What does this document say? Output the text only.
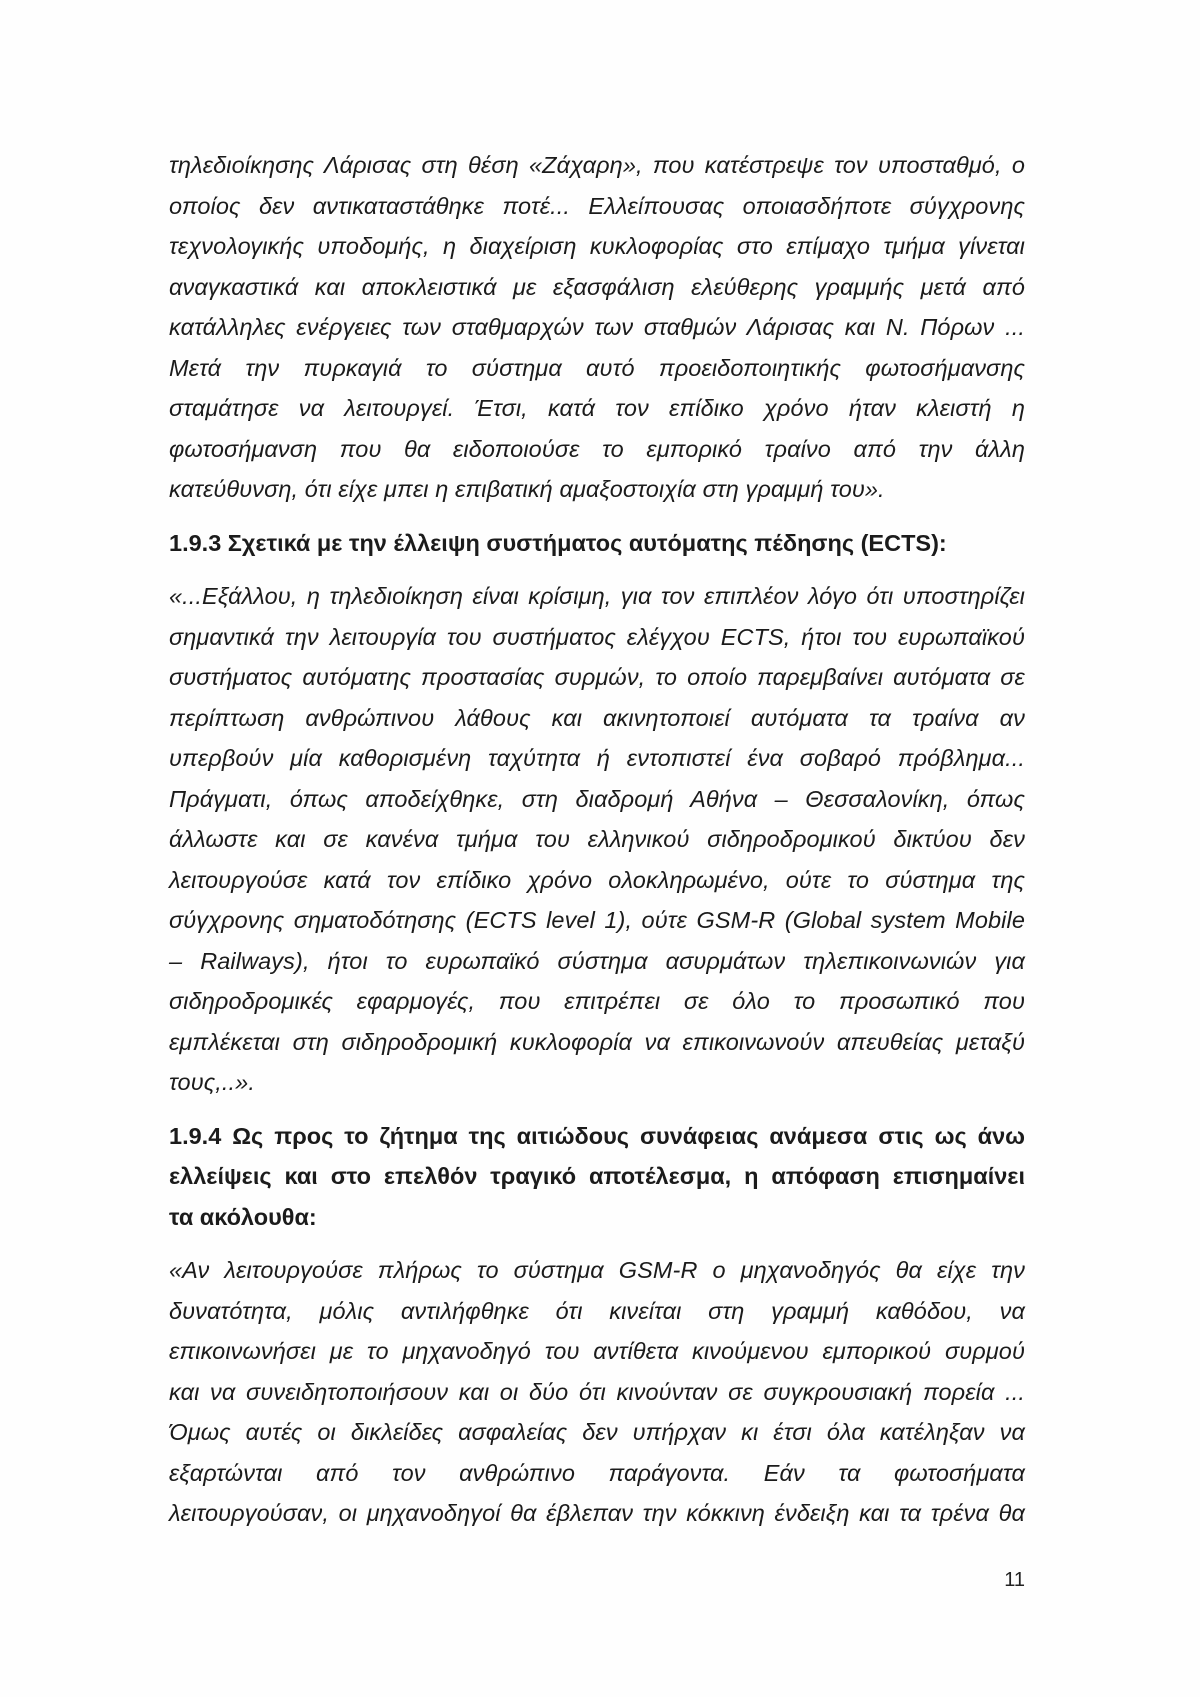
τηλεδιοίκησης Λάρισας στη θέση «Ζάχαρη», που κατέστρεψε τον υποσταθμό, ο
οποίος δεν αντικαταστάθηκε ποτέ... Ελλείπουσας οποιασδήποτε σύγχρονης
τεχνολογικής υποδομής, η διαχείριση κυκλοφορίας στο επίμαχο τμήμα γίνεται
αναγκαστικά και αποκλειστικά με εξασφάλιση ελεύθερης γραμμής μετά από
κατάλληλες ενέργειες των σταθμαρχών των σταθμών Λάρισας και Ν. Πόρων ...
Μετά την πυρκαγιά το σύστημα αυτό προειδοποιητικής φωτοσήμανσης
σταμάτησε να λειτουργεί. Έτσι, κατά τον επίδικο χρόνο ήταν κλειστή η
φωτοσήμανση που θα ειδοποιούσε το εμπορικό τραίνο από την άλλη
κατεύθυνση, ότι είχε μπει η επιβατική αμαξοστοιχία στη γραμμή του».
1.9.3 Σχετικά με την έλλειψη συστήματος αυτόματης πέδησης (ECTS):
«...Εξάλλου, η τηλεδιοίκηση είναι κρίσιμη, για τον επιπλέον λόγο ότι υποστηρίζει
σημαντικά την λειτουργία του συστήματος ελέγχου ECTS, ήτοι του ευρωπαϊκού
συστήματος αυτόματης προστασίας συρμών, το οποίο παρεμβαίνει αυτόματα σε
περίπτωση ανθρώπινου λάθους και ακινητοποιεί αυτόματα τα τραίνα αν
υπερβούν μία καθορισμένη ταχύτητα ή εντοπιστεί ένα σοβαρό πρόβλημα...
Πράγματι, όπως αποδείχθηκε, στη διαδρομή Αθήνα – Θεσσαλονίκη, όπως
άλλωστε και σε κανένα τμήμα του ελληνικού σιδηροδρομικού δικτύου δεν
λειτουργούσε κατά τον επίδικο χρόνο ολοκληρωμένο, ούτε το σύστημα της
σύγχρονης σηματοδότησης (ECTS level 1), ούτε GSM-R (Global system Mobile
– Railways), ήτοι το ευρωπαϊκό σύστημα ασυρμάτων τηλεπικοινωνιών για
σιδηροδρομικές εφαρμογές, που επιτρέπει σε όλο το προσωπικό που
εμπλέκεται στη σιδηροδρομική κυκλοφορία να επικοινωνούν απευθείας μεταξύ
τους,..».
1.9.4 Ως προς το ζήτημα της αιτιώδους συνάφειας ανάμεσα στις ως άνω
ελλείψεις και στο επελθόν τραγικό αποτέλεσμα, η απόφαση επισημαίνει
τα ακόλουθα:
«Αν λειτουργούσε πλήρως το σύστημα GSM-R ο μηχανοδηγός θα είχε την
δυνατότητα, μόλις αντιλήφθηκε ότι κινείται στη γραμμή καθόδου, να
επικοινωνήσει με το μηχανοδηγό του αντίθετα κινούμενου εμπορικού συρμού
και να συνειδητοποιήσουν και οι δύο ότι κινούνταν σε συγκρουσιακή πορεία ...
Όμως αυτές οι δικλείδες ασφαλείας δεν υπήρχαν κι έτσι όλα κατέληξαν να
εξαρτώνται από τον ανθρώπινο παράγοντα. Εάν τα φωτοσήματα
λειτουργούσαν, οι μηχανοδηγοί θα έβλεπαν την κόκκινη ένδειξη και τα τρένα θα
11
